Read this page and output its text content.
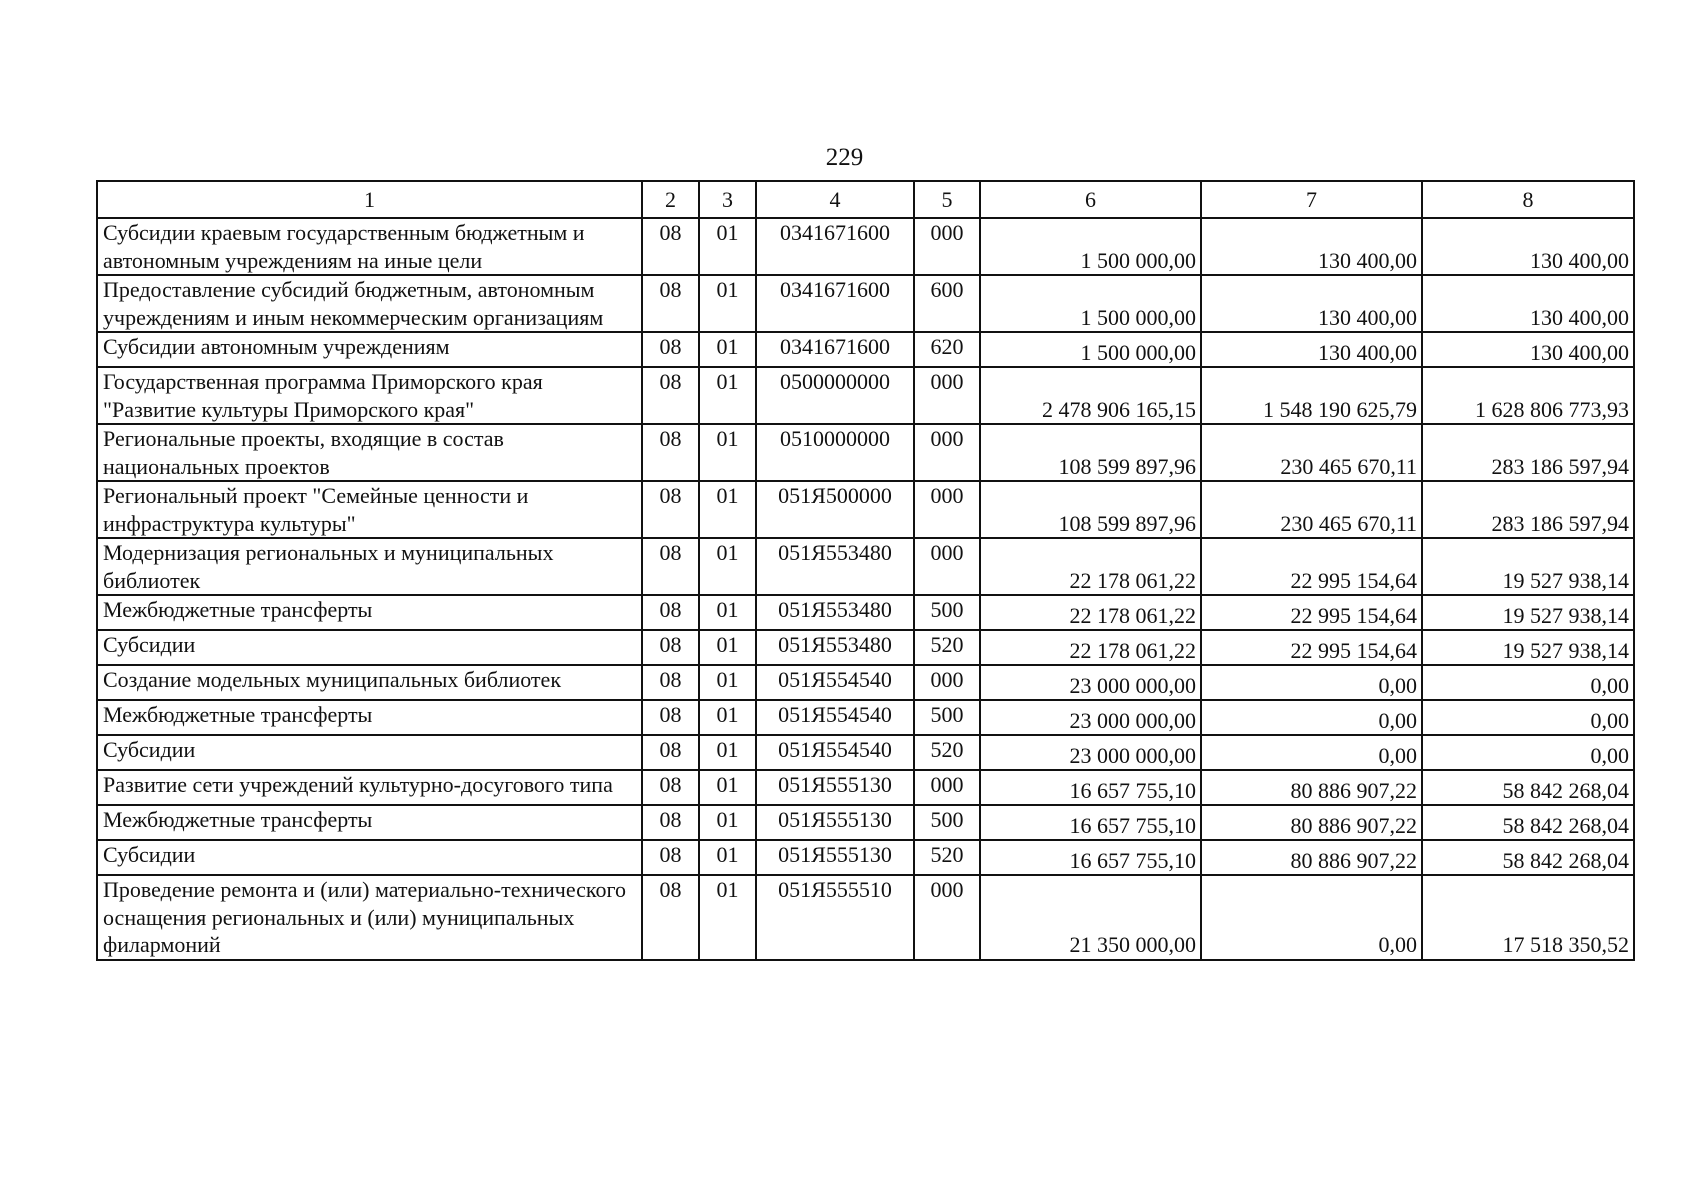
229
1	2	3	4	5	6	7	8
Субсидии краевым государственным бюджетным и автономным учреждениям на иные цели	08	01	0341671600	000	1 500 000,00	130 400,00	130 400,00
Предоставление субсидий бюджетным, автономным учреждениям и иным некоммерческим организациям	08	01	0341671600	600	1 500 000,00	130 400,00	130 400,00
Субсидии автономным учреждениям	08	01	0341671600	620	1 500 000,00	130 400,00	130 400,00
Государственная программа Приморского края "Развитие культуры Приморского края"	08	01	0500000000	000	2 478 906 165,15	1 548 190 625,79	1 628 806 773,93
Региональные проекты, входящие в состав национальных проектов	08	01	0510000000	000	108 599 897,96	230 465 670,11	283 186 597,94
Региональный проект "Семейные ценности и инфраструктура культуры"	08	01	051Я500000	000	108 599 897,96	230 465 670,11	283 186 597,94
Модернизация региональных и муниципальных библиотек	08	01	051Я553480	000	22 178 061,22	22 995 154,64	19 527 938,14
Межбюджетные трансферты	08	01	051Я553480	500	22 178 061,22	22 995 154,64	19 527 938,14
Субсидии	08	01	051Я553480	520	22 178 061,22	22 995 154,64	19 527 938,14
Создание модельных муниципальных библиотек	08	01	051Я554540	000	23 000 000,00	0,00	0,00
Межбюджетные трансферты	08	01	051Я554540	500	23 000 000,00	0,00	0,00
Субсидии	08	01	051Я554540	520	23 000 000,00	0,00	0,00
Развитие сети учреждений культурно-досугового типа	08	01	051Я555130	000	16 657 755,10	80 886 907,22	58 842 268,04
Межбюджетные трансферты	08	01	051Я555130	500	16 657 755,10	80 886 907,22	58 842 268,04
Субсидии	08	01	051Я555130	520	16 657 755,10	80 886 907,22	58 842 268,04
Проведение ремонта и (или) материально-технического оснащения региональных и (или) муниципальных филармоний	08	01	051Я555510	000	21 350 000,00	0,00	17 518 350,52
